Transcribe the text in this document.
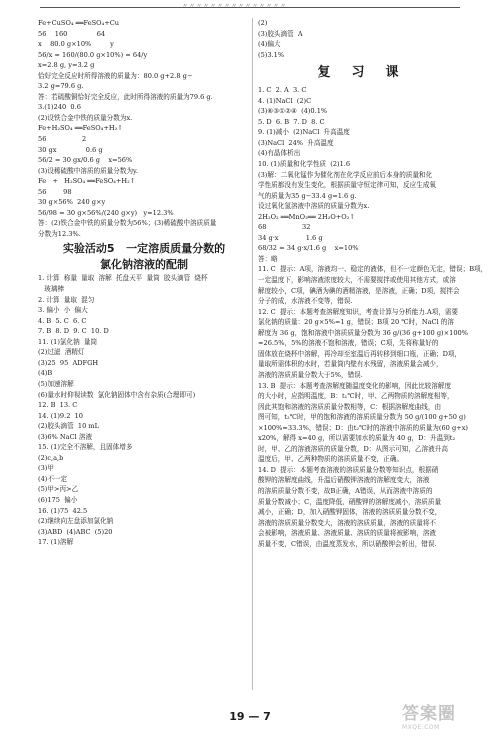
〃〃〃〃〃〃〃〃〃〃〃〃〃〃〃
Fe+CuSO₄ ══FeSO₄+Cu
56    160              64
x    80.0 g×10%         y
56/x = 160/(80.0 g×10%) = 64/y
x=2.8 g, y=3.2 g
恰好完全反应时所得溶液的质量为：80.0 g+2.8 g−
3.2 g=79.6 g.
答：若硫酸铜恰好完全反应，此时所得溶液的质量为79.6 g.
3.(1)240  0.6
(2)设铁合金中铁的质量分数为x.
Fe+H₂SO₄ ══FeSO₄+H₂↑
56                 2
30 gx              0.6 g
56/2 = 30 gx/0.6 g    x=56%
(3)设稀硫酸中溶质的质量分数为y.
Fe   +   H₂SO₄ ══FeSO₄+H₂↑
56        98
30 g×56%  240 g×y
56/98 = 30 g×56%/(240 g×y)   y≈12.3%
答：(2)铁合金中铁的质量分数为56%；(3)稀硫酸中溶质质量
分数为12.3%.
实验活动5   一定溶质质量分数的
氯化钠溶液的配制
1. 计算  称量  量取  溶解  托盘天平  量筒  胶头滴管  烧杯
玻璃棒
2. 计算  量取  混匀
3. 偏小  小  偏大
4. B  5. C  6. C
7. B  8. D  9. C  10. D
11. (1)氯化钠  量筒
(2)过滤  酒精灯
(3)25  95  ADFGH
(4)B
(5)加速溶解
(6)量水时仰视读数  氯化钠固体中含有杂质(合理即可)
12. B  13. C
14. (1)9.2  10
(2)胶头滴管  10 mL
(3)6% NaCl 溶液
15. (1)完全不溶解，且固体增多
(2)c,a,b
(3)甲
(4)不一定
(5)甲>丙>乙
(6)175  偏小
16. (1)75  42.5
(2)继续向左盘添加氯化钠
(3)ABD  (4)ABC  (5)20
17. (1)溶解
(2)
(3)胶头滴管  A
(4)偏大
(5)3.1%
复  习  课
1. C  2. A  3. C
4. (1)NaCl  (2)C
(3)⑥③①②④  (4)0.1%
5. D  6. B  7. D  8. C
9. (1)减小  (2)NaCl  升高温度
(3)NaCl  24%  升高温度
(4)有晶体析出
10. (1)质量和化学性质  (2)1.6
(3)解：二氧化锰作为催化剂在化学反应前后本身的质量和化
学性质都没有发生变化，根据质量守恒定律可知，反应生成氧
气的质量为35 g−33.4 g=1.6 g.
设过氧化氢溶液中溶质的质量分数为x.
2H₂O₂ ══MnO₂══ 2H₂O+O₂↑
68                 32
34 g·x             1.6 g
68/32 = 34 g·x/1.6 g    x=10%
答：略
11. C  提示：A项，溶液均一、稳定的液体，但不一定颜色无定，错误；B项，
一定温度下，影响溶液浓度较大，不需要搅拌或使用其他方式，或溶
解度较小，C项，碘酒为碘的酒精溶液，是溶液，正确；D项，搅拌会
分子的成，水溶液不变等，错误.
12. C  提示：本题考查溶解度知识，考查计算与分析能力.A项，需要
氯化钠的质量：20 g×5%=1 g，错误；B项 20 ℃时，NaCl 的溶
解度为 36 g，饱和溶液中溶质质量分数为 36 g/(36 g+100 g)×100%
≈26.5%，5%的溶液不饱和溶液，错误；C项，先将称量好的
固体放在烧杯中溶解，再冷却至室温后再转移到细口瓶，正确；D项，
量取所需体积的水时，若量筒内壁有水残留，溶液质量会减少，
溶液的溶质质量分数大于5%，错误.
13. B  提示：本题考查溶解度随温度变化的影响，因此比较溶解度
的大小时，应指明温度，B：t₁℃时，甲、乙两物质的溶解度相等，
因此其饱和溶液的溶质质量分数相等，C：根据溶解度曲线，由
图可知，t₂℃时，甲的饱和溶液的溶质质量分数为 50 g/(100 g+50 g)
×100%≈33.3%，错误；D：由t₂℃时的溶液中溶质的质量为(60 g+x)
x20%，解得 x=40 g，所以需要加水的质量为 40 g，D：升温到t₂
时，甲、乙的溶液溶质的质量分数，D：从图示可知，乙溶液升高
温度后，甲、乙两种物质的溶质质量不变，正确。
14. D  提示：本题考查溶液的溶质质量分数等知识点，根据硝
酸钾的溶解度曲线，升温后硝酸钾溶液的溶解度变大，溶液
的溶质质量分数不变，故B正确，A错误，从而溶液中溶质的
质量分数减小；C，温度降低，硝酸钾的溶解度减小，溶质质量
减小，正确；D，加入硝酸钾固体，溶液的溶质质量分数不变，
溶液的溶质质量分数变大，溶液的溶质质量，溶液的质量将不
会被影响，溶液质量、溶液质量、溶质的质量将被影响，溶液
质量不变，C错误，由温度蒸发水，所以硝酸钾会析出，错误.
19 — 7	答案圈
MXQE.COM
